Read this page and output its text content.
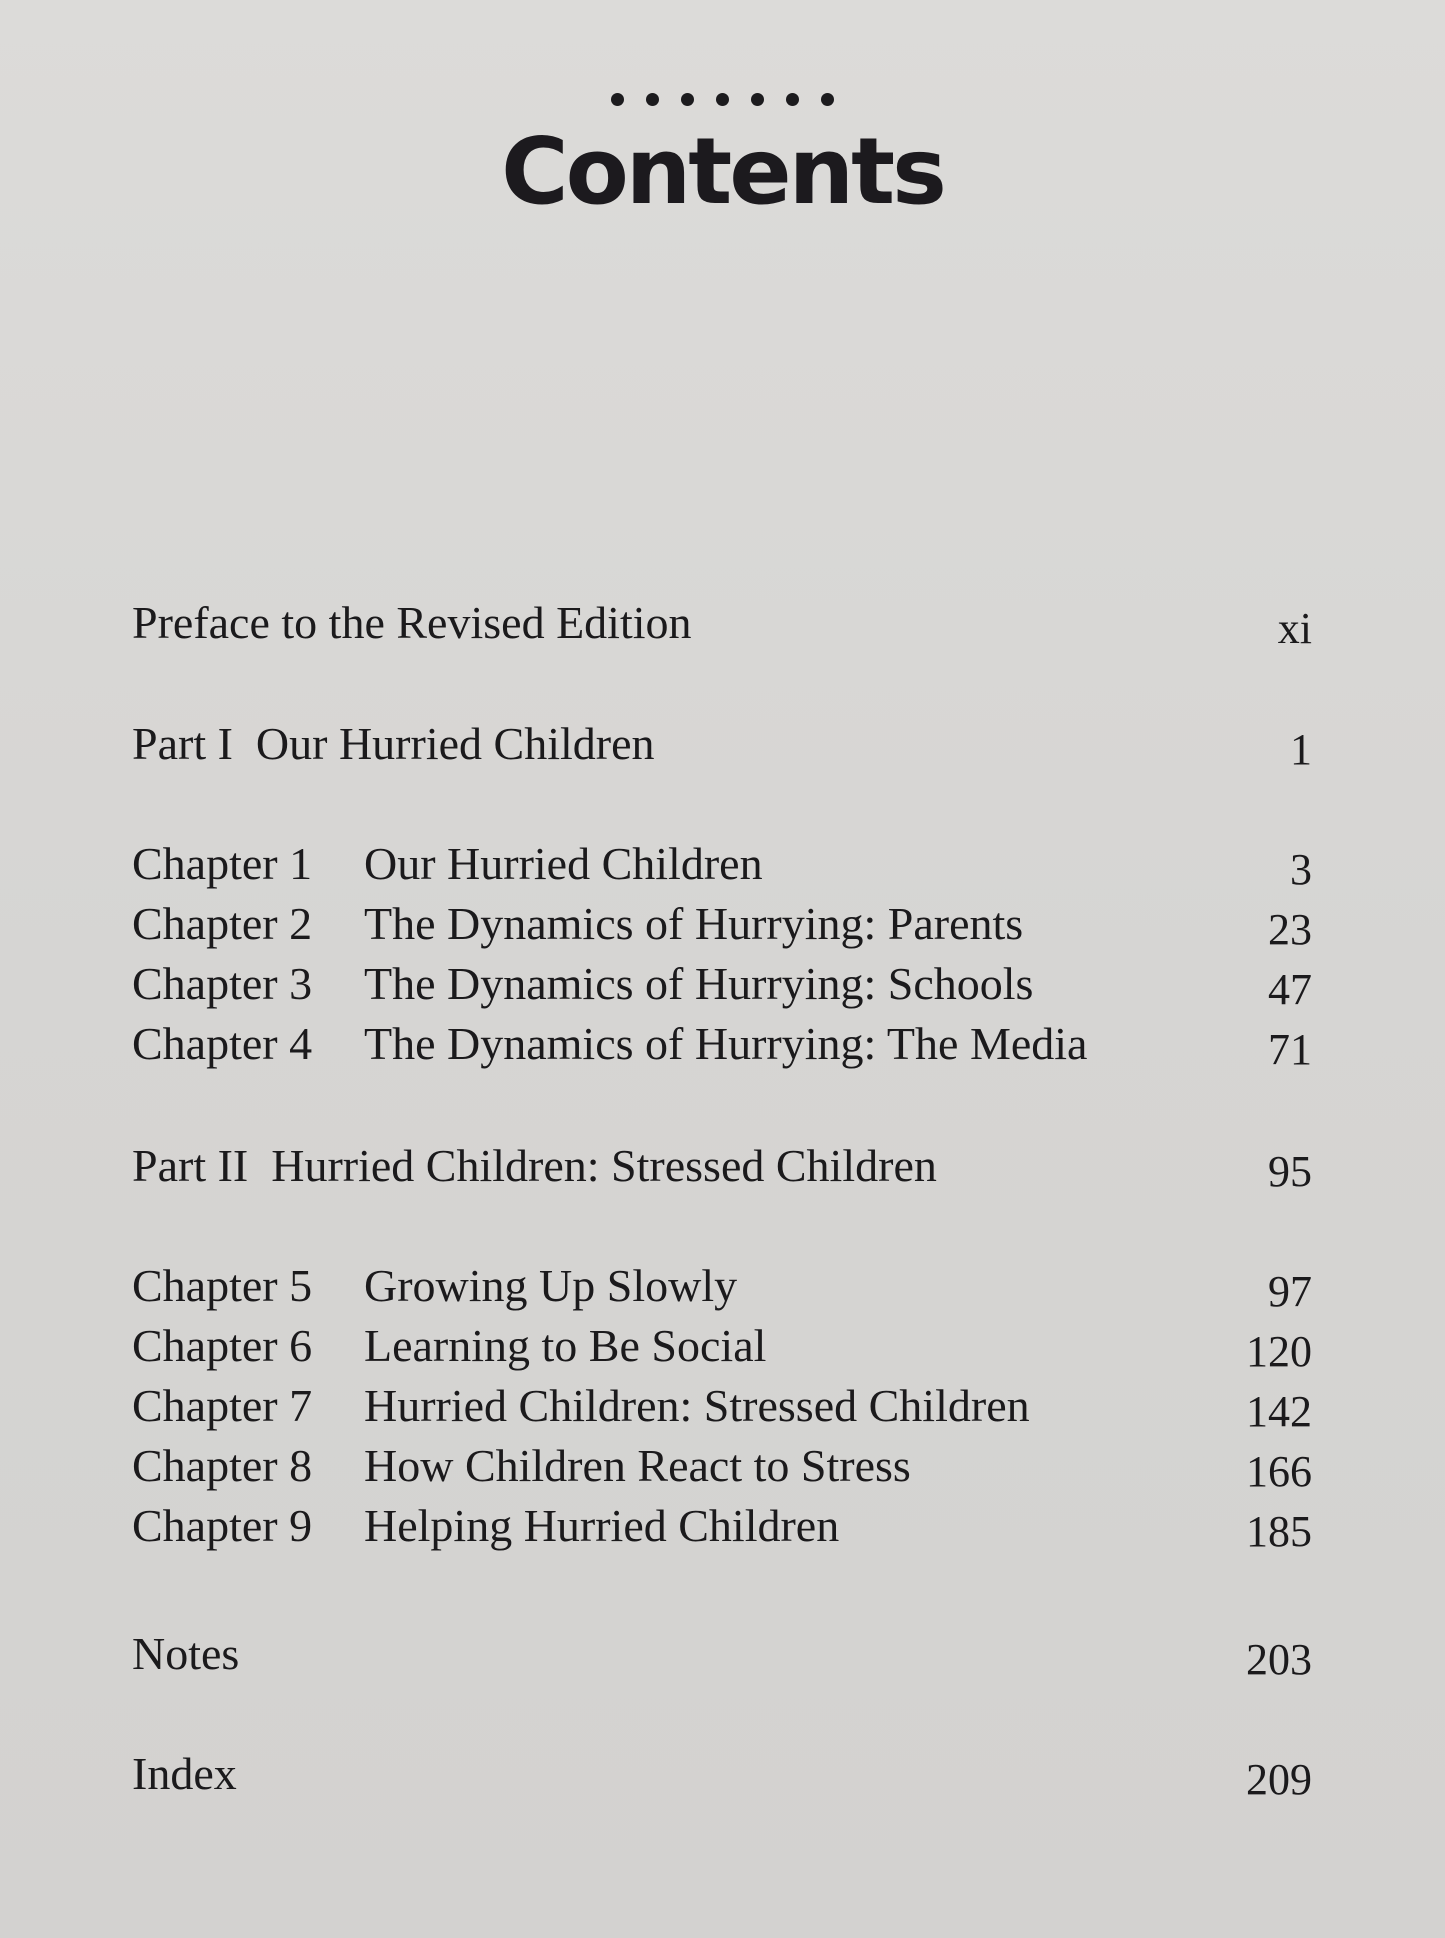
Contents
Preface to the Revised Edition	xi
Part I Our Hurried Children	1
Chapter 1 Our Hurried Children	3
Chapter 2 The Dynamics of Hurrying: Parents	23
Chapter 3 The Dynamics of Hurrying: Schools	47
Chapter 4 The Dynamics of Hurrying: The Media	71
Part II Hurried Children: Stressed Children	95
Chapter 5 Growing Up Slowly	97
Chapter 6 Learning to Be Social	120
Chapter 7 Hurried Children: Stressed Children	142
Chapter 8 How Children React to Stress	166
Chapter 9 Helping Hurried Children	185
Notes	203
Index	209
